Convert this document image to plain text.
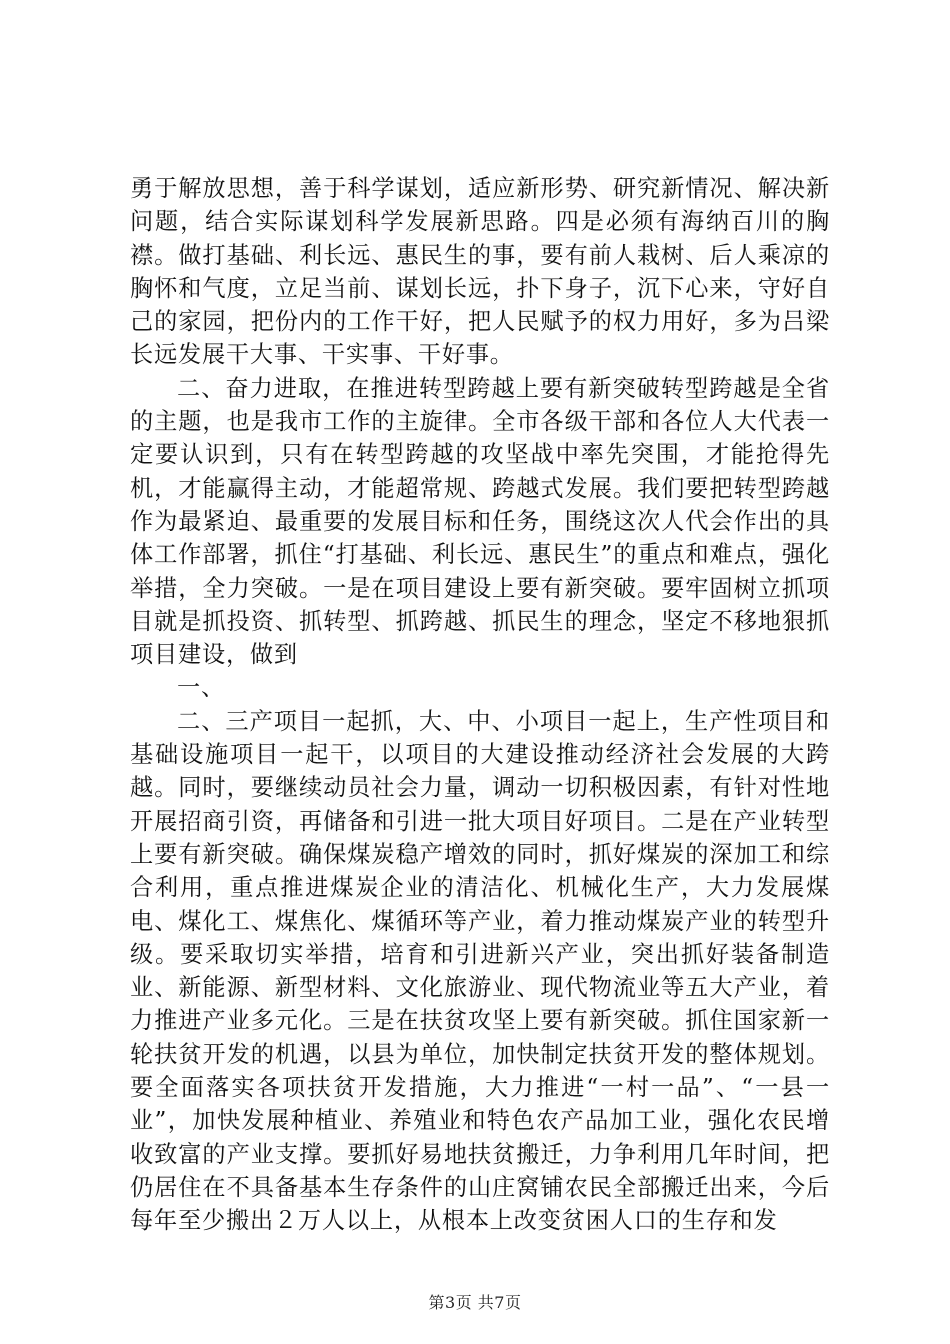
勇于解放思想，善于科学谋划，适应新形势、研究新情况、解决新问题，结合实际谋划科学发展新思路。四是必须有海纳百川的胸襟。做打基础、利长远、惠民生的事，要有前人栽树、后人乘凉的胸怀和气度，立足当前、谋划长远，扑下身子，沉下心来，守好自己的家园，把份内的工作干好，把人民赋予的权力用好，多为吕梁长远发展干大事、干实事、干好事。

二、奋力进取，在推进转型跨越上要有新突破转型跨越是全省的主题，也是我市工作的主旋律。全市各级干部和各位人大代表一定要认识到，只有在转型跨越的攻坚战中率先突围，才能抢得先机，才能赢得主动，才能超常规、跨越式发展。我们要把转型跨越作为最紧迫、最重要的发展目标和任务，围绕这次人代会作出的具体工作部署，抓住“打基础、利长远、惠民生”的重点和难点，强化举措，全力突破。一是在项目建设上要有新突破。要牢固树立抓项目就是抓投资、抓转型、抓跨越、抓民生的理念，坚定不移地狠抓项目建设，做到

一、

二、三产项目一起抓，大、中、小项目一起上，生产性项目和基础设施项目一起干，以项目的大建设推动经济社会发展的大跨越。同时，要继续动员社会力量，调动一切积极因素，有针对性地开展招商引资，再储备和引进一批大项目好项目。二是在产业转型上要有新突破。确保煤炭稳产增效的同时，抓好煤炭的深加工和综合利用，重点推进煤炭企业的清洁化、机械化生产，大力发展煤电、煤化工、煤焦化、煤循环等产业，着力推动煤炭产业的转型升级。要采取切实举措，培育和引进新兴产业，突出抓好装备制造业、新能源、新型材料、文化旅游业、现代物流业等五大产业，着力推进产业多元化。三是在扶贫攻坚上要有新突破。抓住国家新一轮扶贫开发的机遇，以县为单位，加快制定扶贫开发的整体规划。要全面落实各项扶贫开发措施，大力推进“一村一品”、“一县一业”，加快发展种植业、养殖业和特色农产品加工业，强化农民增收致富的产业支撑。要抓好易地扶贫搬迁，力争利用几年时间，把仍居住在不具备基本生存条件的山庄窝铺农民全部搬迁出来，今后每年至少搬出２万人以上，从根本上改变贫困人口的生存和发

第3页 共7页
